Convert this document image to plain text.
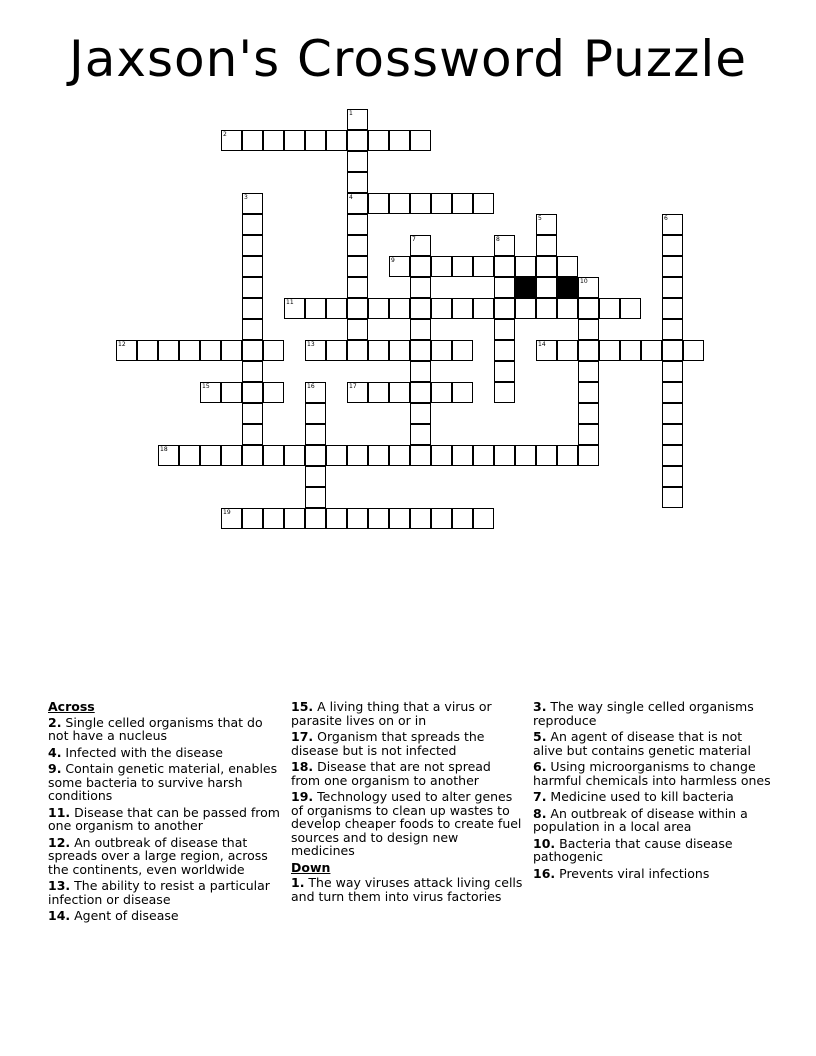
Jaxson's Crossword Puzzle
1
4
2
3
5	6
7	8
9
10
11
12	13	14
15	16	17
18
19
Across
2. Single celled organisms that do not have a nucleus
4. Infected with the disease
9. Contain genetic material, enables some bacteria to survive harsh conditions
11. Disease that can be passed from one organism to another
12. An outbreak of disease that spreads over a large region, across the continents, even worldwide
13. The ability to resist a particular infection or disease
14. Agent of disease
15. A living thing that a virus or parasite lives on or in
17. Organism that spreads the disease but is not infected
18. Disease that are not spread from one organism to another
19. Technology used to alter genes of organisms to clean up wastes to develop cheaper foods to create fuel sources and to design new medicines
Down
1. The way viruses attack living cells and turn them into virus factories
3. The way single celled organisms reproduce
5. An agent of disease that is not alive but contains genetic material
6. Using microorganisms to change harmful chemicals into harmless ones
7. Medicine used to kill bacteria
8. An outbreak of disease within a population in a local area
10. Bacteria that cause disease pathogenic
16. Prevents viral infections
